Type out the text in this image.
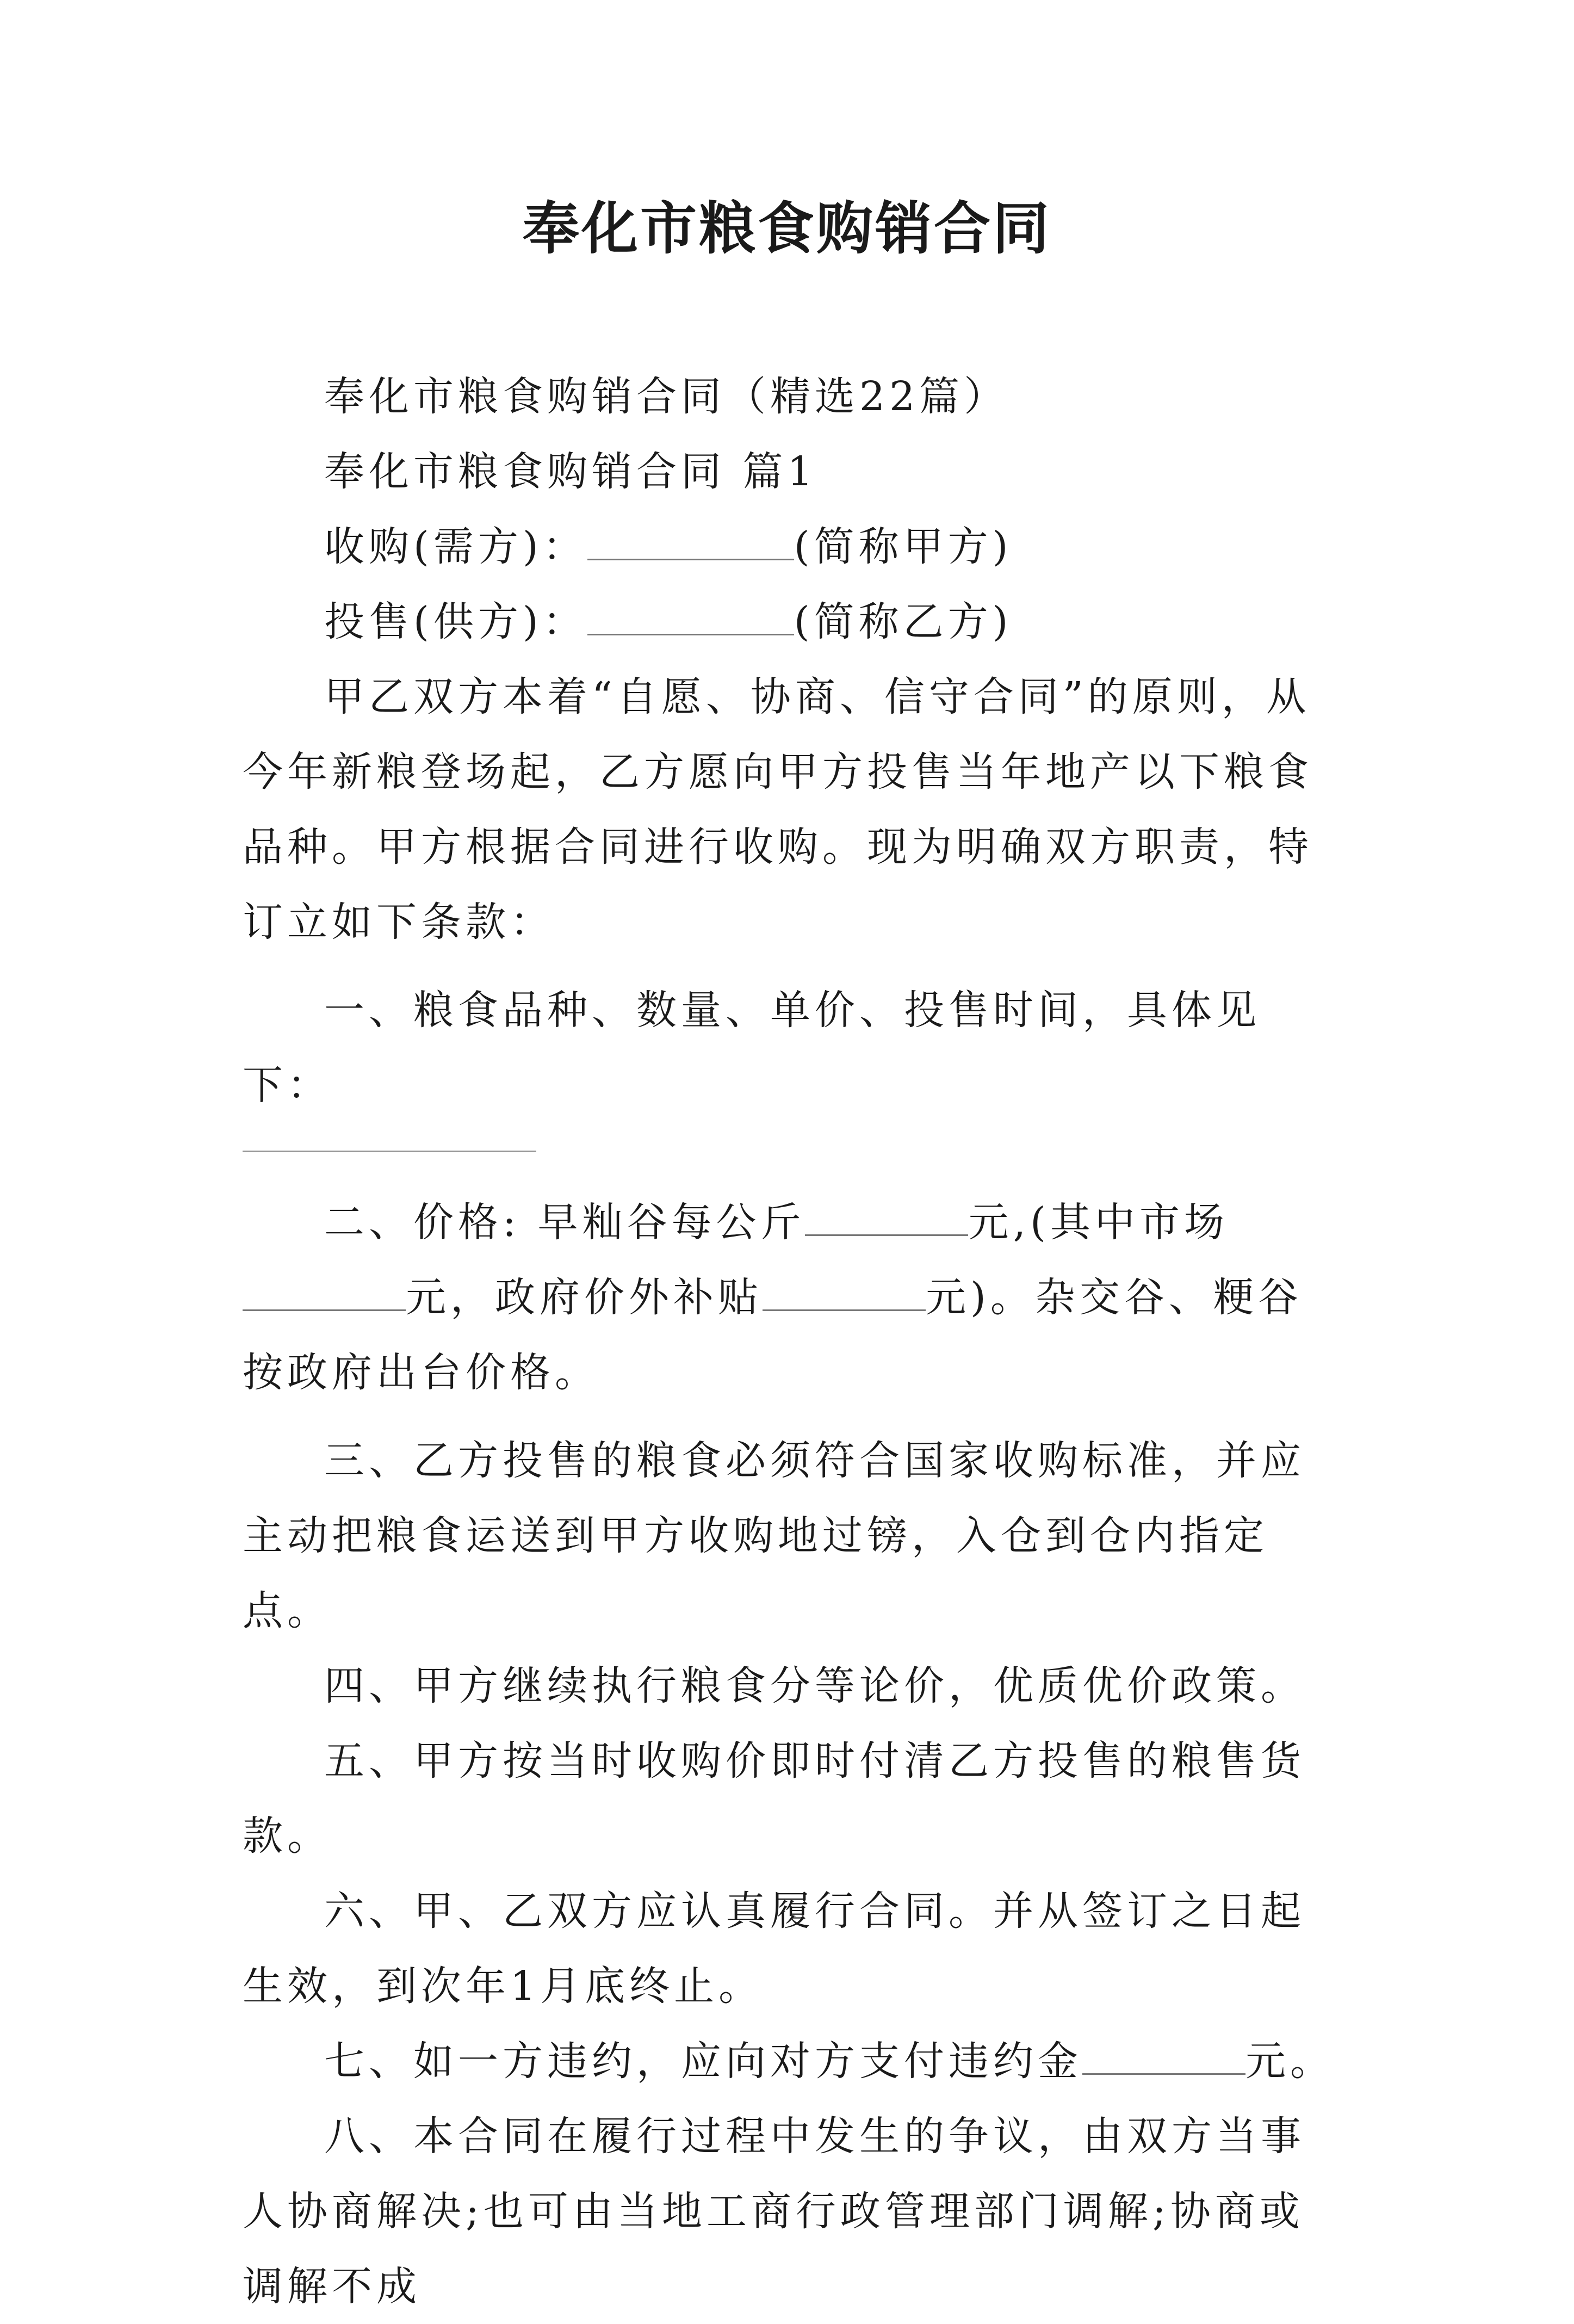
奉化市粮食购销合同

奉化市粮食购销合同（精选22篇）

奉化市粮食购销合同 篇1

收购(需方)：	(简称甲方)

投售(供方)：	(简称乙方)

甲乙双方本着“自愿、协商、信守合同”的原则，从今年新粮登场起，乙方愿向甲方投售当年地产以下粮食品种。甲方根据合同进行收购。现为明确双方职责，特订立如下条款：

一、粮食品种、数量、单价、投售时间，具体见下：

二、价格: 早籼谷每公斤	元,(其中市场元，政府价外补贴	元)。杂交谷、粳谷按政府出台价格。

三、乙方投售的粮食必须符合国家收购标准，并应主动把粮食运送到甲方收购地过镑，入仓到仓内指定点。

四、甲方继续执行粮食分等论价，优质优价政策。

五、甲方按当时收购价即时付清乙方投售的粮售货款。

六、甲、乙双方应认真履行合同。并从签订之日起生效，到次年1月底终止。

七、如一方违约，应向对方支付违约金	元。

八、本合同在履行过程中发生的争议，由双方当事人协商解决;也可由当地工商行政管理部门调解;协商或调解不成
